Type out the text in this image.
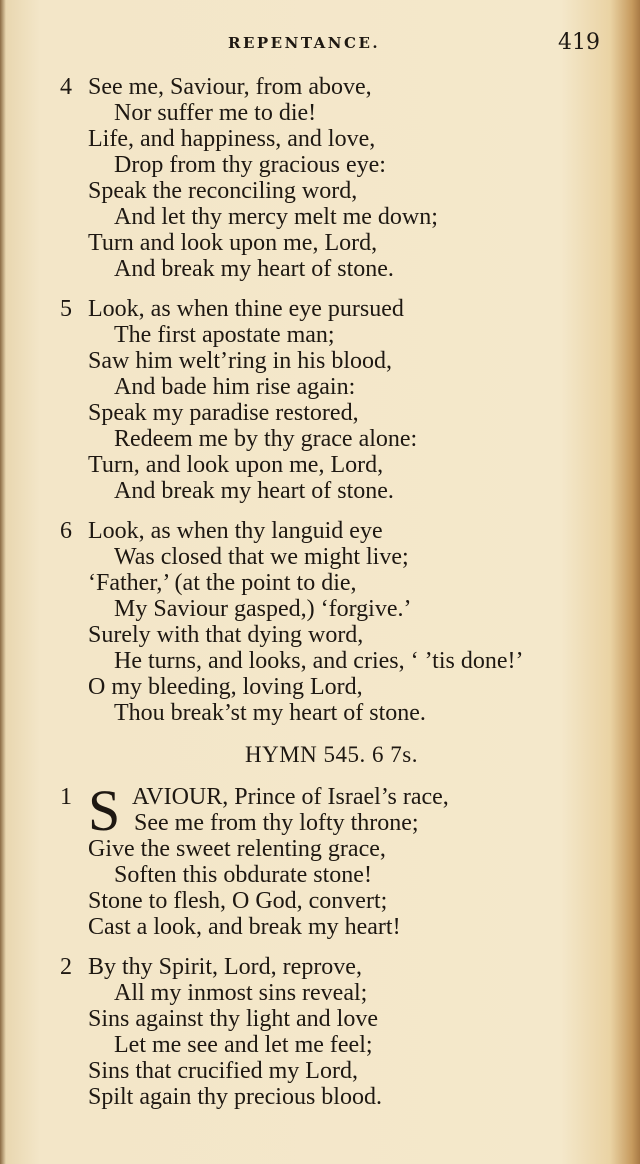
REPENTANCE.	419
4 See me, Saviour, from above,
Nor suffer me to die!
Life, and happiness, and love,
Drop from thy gracious eye:
Speak the reconciling word,
And let thy mercy melt me down;
Turn and look upon me, Lord,
And break my heart of stone.
5 Look, as when thine eye pursued
The first apostate man;
Saw him welt’ring in his blood,
And bade him rise again:
Speak my paradise restored,
Redeem me by thy grace alone:
Turn, and look upon me, Lord,
And break my heart of stone.
6 Look, as when thy languid eye
Was closed that we might live;
‘Father,’ (at the point to die,
My Saviour gasped,) ‘forgive.’
Surely with that dying word,
He turns, and looks, and cries, ‘ ’tis done!’
O my bleeding, loving Lord,
Thou break’st my heart of stone.
HYMN 545. 6 7s.
1 S AVIOUR, Prince of Israel’s race,
See me from thy lofty throne;
Give the sweet relenting grace,
Soften this obdurate stone!
Stone to flesh, O God, convert;
Cast a look, and break my heart!
2 By thy Spirit, Lord, reprove,
All my inmost sins reveal;
Sins against thy light and love
Let me see and let me feel;
Sins that crucified my Lord,
Spilt again thy precious blood.
